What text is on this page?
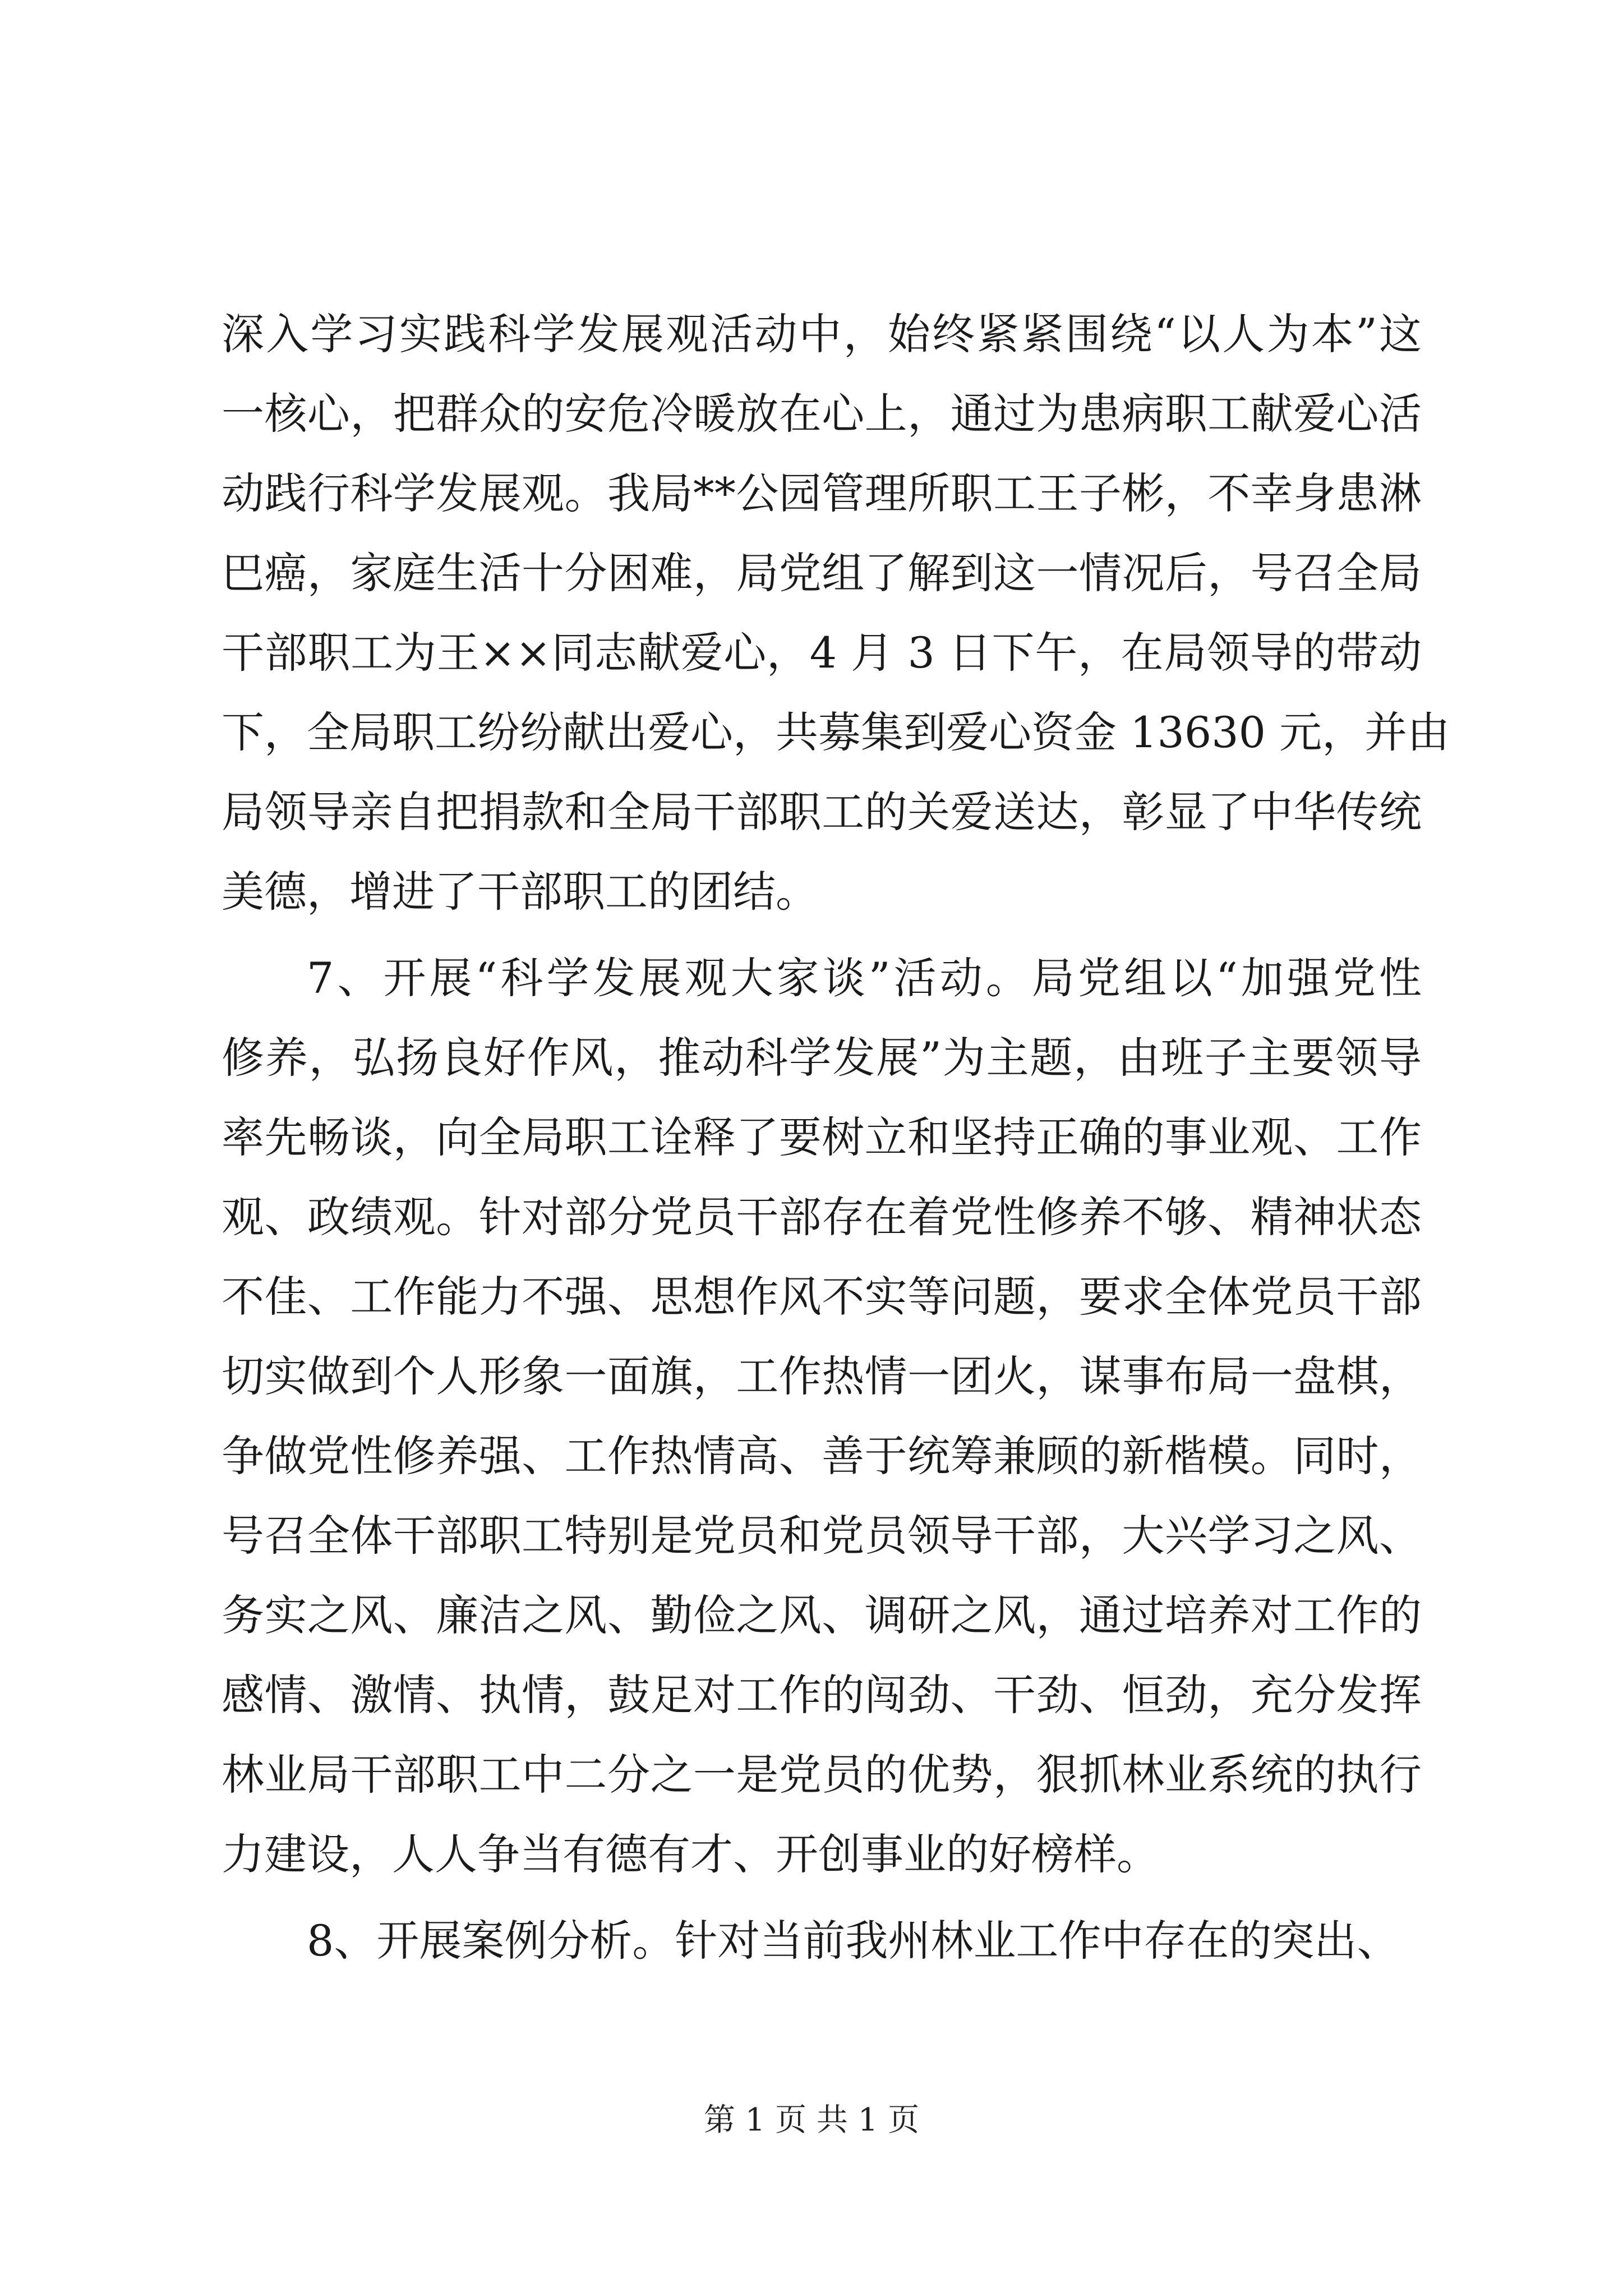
深入学习实践科学发展观活动中，始终紧紧围绕“以人为本”这
一核心，把群众的安危冷暖放在心上，通过为患病职工献爱心活
动践行科学发展观。我局**公园管理所职工王子彬，不幸身患淋
巴癌，家庭生活十分困难，局党组了解到这一情况后，号召全局
干部职工为王××同志献爱心，4 月 3 日下午，在局领导的带动
下，全局职工纷纷献出爱心，共募集到爱心资金 13630 元，并由
局领导亲自把捐款和全局干部职工的关爱送达，彰显了中华传统
美德，增进了干部职工的团结。
7、开展“科学发展观大家谈”活动。局党组以“加强党性
修养，弘扬良好作风，推动科学发展”为主题，由班子主要领导
率先畅谈，向全局职工诠释了要树立和坚持正确的事业观、工作
观、政绩观。针对部分党员干部存在着党性修养不够、精神状态
不佳、工作能力不强、思想作风不实等问题，要求全体党员干部
切实做到个人形象一面旗，工作热情一团火，谋事布局一盘棋，
争做党性修养强、工作热情高、善于统筹兼顾的新楷模。同时，
号召全体干部职工特别是党员和党员领导干部，大兴学习之风、
务实之风、廉洁之风、勤俭之风、调研之风，通过培养对工作的
感情、激情、执情，鼓足对工作的闯劲、干劲、恒劲，充分发挥
林业局干部职工中二分之一是党员的优势，狠抓林业系统的执行
力建设，人人争当有德有才、开创事业的好榜样。
8、开展案例分析。针对当前我州林业工作中存在的突出、
第 1 页 共 1 页
